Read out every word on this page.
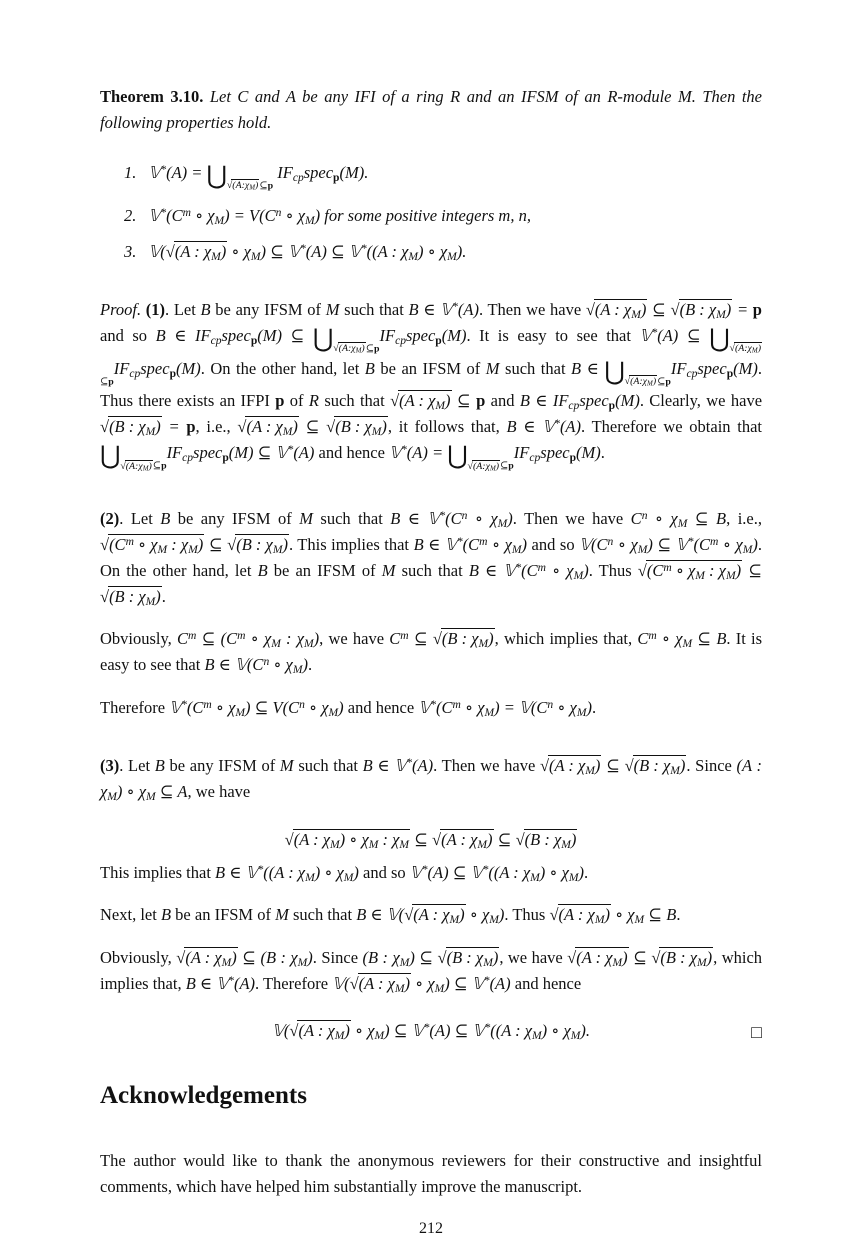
Theorem 3.10. Let C and A be any IFI of a ring R and an IFSM of an R-module M. Then the following properties hold.

1. 𝕍*(A) = $⋃_{√(A:\chi_M)⊆p}$ $IF_{cp}spec_p(M)$.
2. $𝕍^*(C^m$ ∘ $\chi_M) = V(C^n$ ∘ $\chi_M$) for some positive integers m, n,
3. 𝕍(√(A : $\chi_M$) ∘ $\chi_M$) ⊆ 𝕍*(A) ⊆ 𝕍*((A : $\chi_M$) ∘ $\chi_M$).

Proof. (1). Let B be any IFSM of M such that B ∈ 𝕍*(A). Then we have √(A : $\chi_M$) ⊆ √(B : $\chi_M) = p$ and so B ∈ $IF_{cp}spec_p(M)$ ⊆ $⋃_{√(A:\chi_M)⊆p}IF_{cp}spec_p(M)$. It is easy to see that 𝕍*(A) ⊆ $⋃_{√(A:\chi_M)⊆p}IF_{cp}spec_p(M)$. On the other hand, let B be an IFSM of M such that B ∈ $⋃_{√(A:\chi_M)⊆p}IF_{cp}spec_p(M)$. Thus there exists an IFPI p of R such that √(A : $\chi_M$) ⊆ p and B ∈ $IF_{cp}spec_p(M)$. Clearly, we have √(B : $\chi_M) = p$, i.e., √(A : $\chi_M$) ⊆ √(B : $\chi_M$), it follows that, B ∈ 𝕍*(A). Therefore we obtain that $⋃_{√(A:\chi_M)⊆p}IF_{cp}spec_p(M)$ ⊆ 𝕍*(A) and hence 𝕍*(A) = $⋃_{√(A:\chi_M)⊆p}IF_{cp}spec_p(M)$.

(2). Let B be any IFSM of M such that B ∈ $𝕍^*(C^n$ ∘ $\chi_M$). Then we have $C^n$ ∘ $\chi_M$ ⊆ B, i.e., $√(C^m$ ∘ $\chi_M$ : $\chi_M$) ⊆ √(B : $\chi_M$). This implies that B ∈ $𝕍^*(C^m$ ∘ $\chi_M$) and so $𝕍(C^n$ ∘ $\chi_M$) ⊆ $𝕍^*(C^m$ ∘ $\chi_M$). On the other hand, let B be an IFSM of M such that B ∈ $𝕍^*(C^m$ ∘ $\chi_M$). Thus $√(C^m$ ∘ $\chi_M$ : $\chi_M$) ⊆ √(B : $\chi_M$).

Obviously, $C^m$ ⊆ ($C^m$ ∘ $\chi_M$ : $\chi_M$), we have $C^m$ ⊆ √(B : $\chi_M$), which implies that, $C^m$ ∘ $\chi_M$ ⊆ B. It is easy to see that B ∈ $𝕍(C^n$ ∘ $\chi_M$).

Therefore $𝕍^*(C^m$ ∘ $\chi_M$) ⊆ $V(C^n$ ∘ $\chi_M$) and hence $𝕍^*(C^m$ ∘ $\chi_M$) = $𝕍(C^n$ ∘ $\chi_M$).

(3). Let B be any IFSM of M such that B ∈ 𝕍*(A). Then we have √(A : $\chi_M$) ⊆ √(B : $\chi_M$). Since (A : $\chi_M$) ∘ $\chi_M$ ⊆ A, we have

√(A : $\chi_M$) ∘ $\chi_M$ : $\chi_M$ ⊆ √(A : $\chi_M$) ⊆ √(B : $\chi_M$)

This implies that B ∈ 𝕍*((A : $\chi_M$) ∘ $\chi_M$) and so 𝕍*(A) ⊆ 𝕍*((A : $\chi_M$) ∘ $\chi_M$).

Next, let B be an IFSM of M such that B ∈ 𝕍(√(A : $\chi_M$) ∘ $\chi_M$). Thus √(A : $\chi_M$) ∘ $\chi_M$ ⊆ B.

Obviously, √(A : $\chi_M$) ⊆ (B : $\chi_M$). Since (B : $\chi_M$) ⊆ √(B : $\chi_M$), we have √(A : $\chi_M$) ⊆ √(B : $\chi_M$), which implies that, B ∈ 𝕍*(A). Therefore 𝕍(√(A : $\chi_M$) ∘ $\chi_M$) ⊆ 𝕍*(A) and hence

𝕍(√(A : $\chi_M$) ∘ $\chi_M$) ⊆ 𝕍*(A) ⊆ 𝕍*((A : $\chi_M$) ∘ $\chi_M$).	□
Acknowledgements

The author would like to thank the anonymous reviewers for their constructive and insightful comments, which have helped him substantially improve the manuscript.

212
